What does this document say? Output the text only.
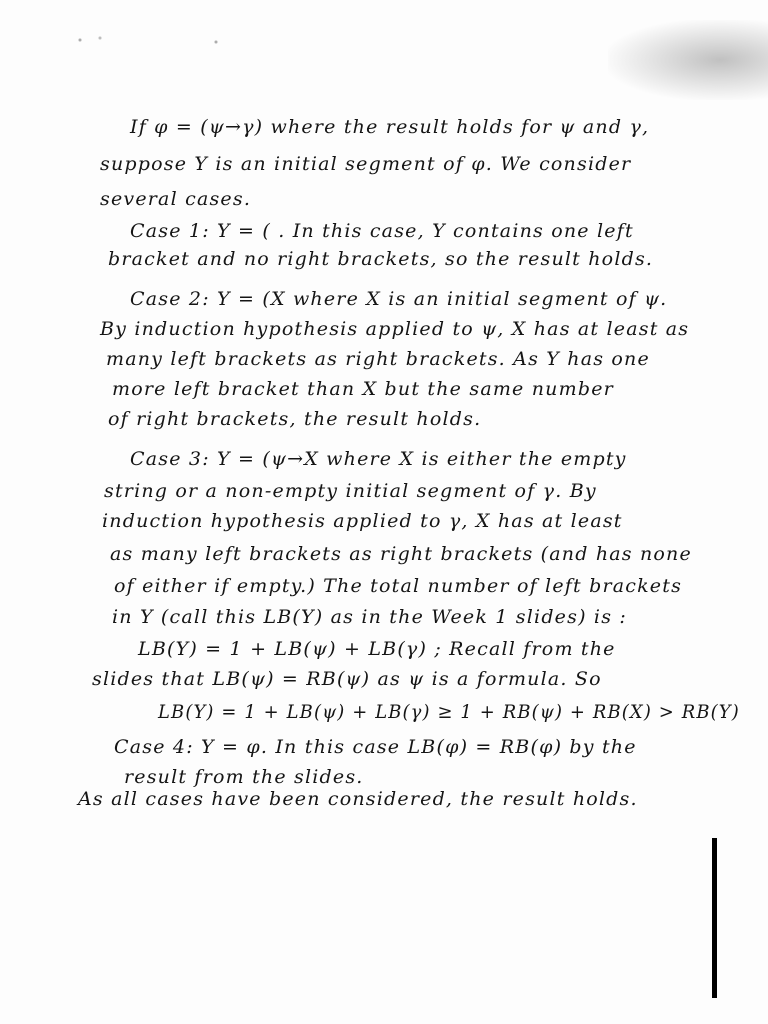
If φ = (ψ→γ) where the result holds for ψ and γ,

suppose Y is an initial segment of φ. We consider

several cases.

Case 1: Y = ( . In this case, Y contains one left

bracket and no right brackets, so the result holds.

Case 2: Y = (X where X is an initial segment of ψ.

By induction hypothesis applied to ψ, X has at least as

many left brackets as right brackets. As Y has one

more left bracket than X but the same number

of right brackets, the result holds.

Case 3: Y = (ψ→X where X is either the empty

string or a non-empty initial segment of γ. By

induction hypothesis applied to γ, X has at least

as many left brackets as right brackets (and has none

of either if empty.) The total number of left brackets

in Y (call this LB(Y) as in the Week 1 slides) is :

LB(Y) = 1 + LB(ψ) + LB(γ) ; Recall from the

slides that LB(ψ) = RB(ψ) as ψ is a formula. So

LB(Y) = 1 + LB(ψ) + LB(γ) ≥ 1 + RB(ψ) + RB(X) > RB(Y)

Case 4: Y = φ. In this case LB(φ) = RB(φ) by the

result from the slides.

As all cases have been considered, the result holds.
